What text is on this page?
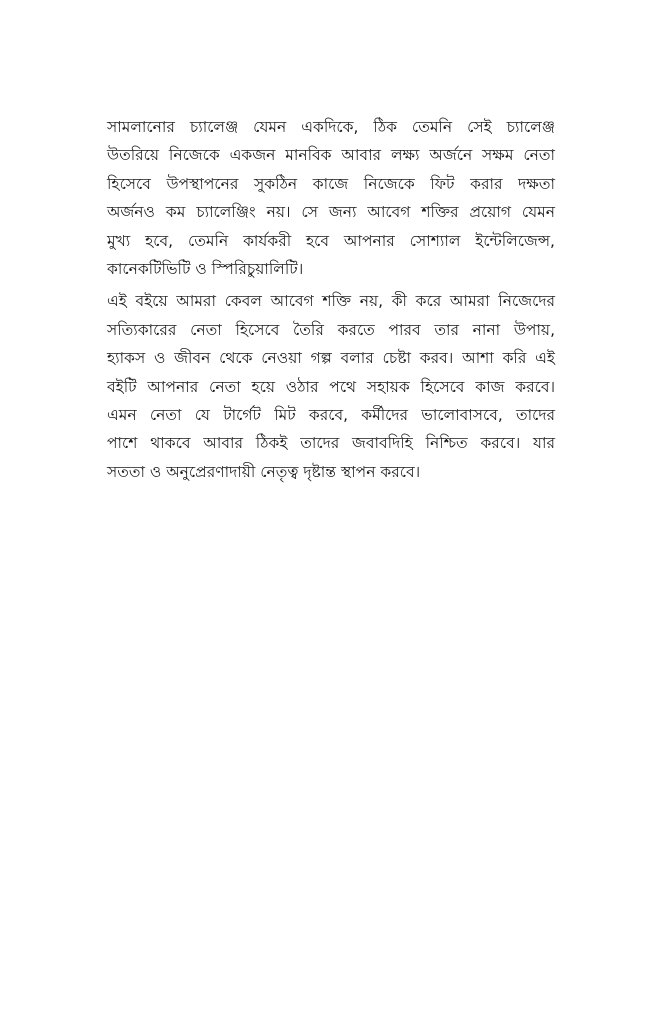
সামলানোর চ্যালেঞ্জ যেমন একদিকে, ঠিক তেমনি সেই চ্যালেঞ্জ
উতরিয়ে নিজেকে একজন মানবিক আবার লক্ষ্য অর্জনে সক্ষম নেতা
হিসেবে উপস্থাপনের সুকঠিন কাজে নিজেকে ফিট করার দক্ষতা
অর্জনও কম চ্যালেঞ্জিং নয়। সে জন্য আবেগ শক্তির প্রয়োগ যেমন
মুখ্য হবে, তেমনি কার্যকরী হবে আপনার সোশ্যাল ইন্টেলিজেন্স,
কানেকটিভিটি ও স্পিরিচুয়ালিটি।

এই বইয়ে আমরা কেবল আবেগ শক্তি নয়, কী করে আমরা নিজেদের
সত্যিকারের নেতা হিসেবে তৈরি করতে পারব তার নানা উপায়,
হ্যাকস ও জীবন থেকে নেওয়া গল্প বলার চেষ্টা করব। আশা করি এই
বইটি আপনার নেতা হয়ে ওঠার পথে সহায়ক হিসেবে কাজ করবে।
এমন নেতা যে টার্গেট মিট করবে, কর্মীদের ভালোবাসবে, তাদের
পাশে থাকবে আবার ঠিকই তাদের জবাবদিহি নিশ্চিত করবে। যার
সততা ও অনুপ্রেরণাদায়ী নেতৃত্ব দৃষ্টান্ত স্থাপন করবে।
